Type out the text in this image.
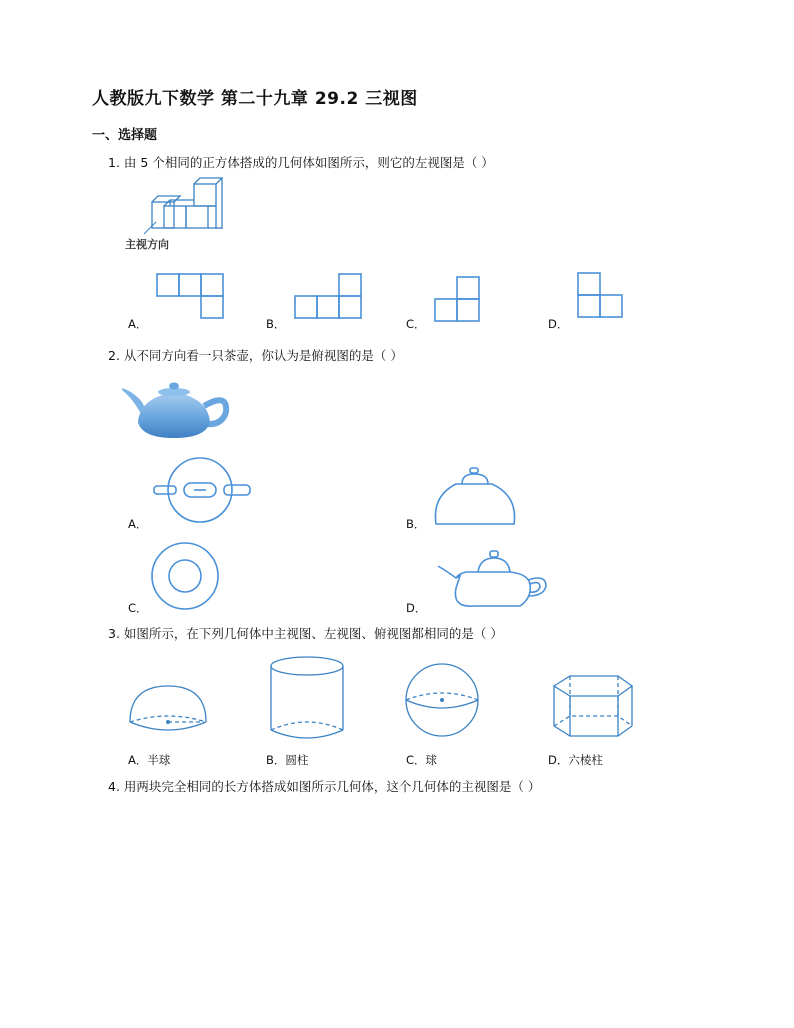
人教版九下数学 第二十九章 29.2 三视图
一、选择题
1. 由 5 个相同的正方体搭成的几何体如图所示，则它的左视图是（ ）
主视方向
A．	B．	C．	D．
2. 从不同方向看一只茶壶，你认为是俯视图的是（ ）
A．	B．
C．	D．
3. 如图所示，在下列几何体中主视图、左视图、俯视图都相同的是（ ）
A．半球	B．圆柱	C．球	D．六棱柱
4. 用两块完全相同的长方体搭成如图所示几何体，这个几何体的主视图是（ ）
